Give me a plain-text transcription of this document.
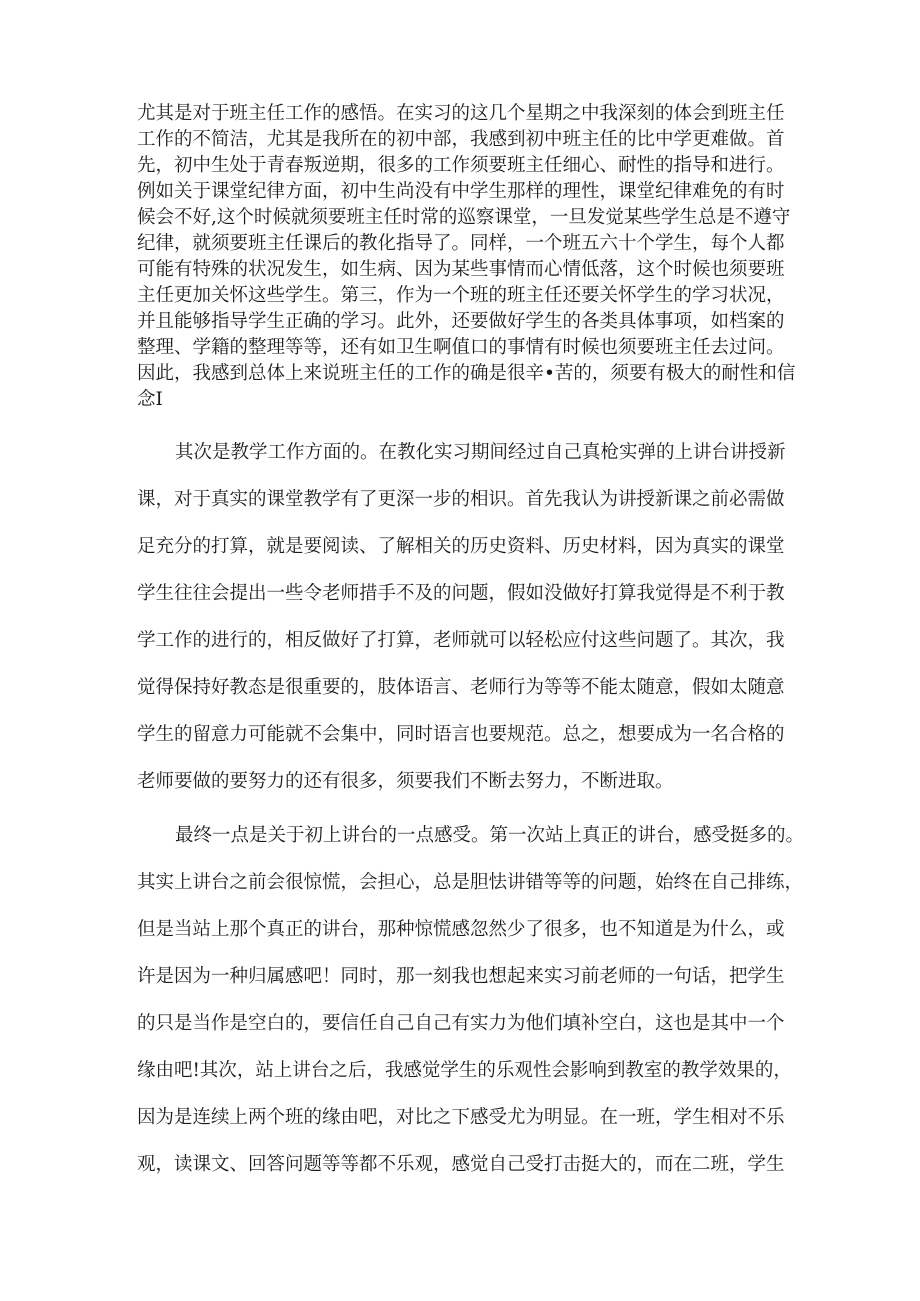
尤其是对于班主任工作的感悟。在实习的这几个星期之中我深刻的体会到班主任
工作的不简洁，尤其是我所在的初中部，我感到初中班主任的比中学更难做。首
先，初中生处于青春叛逆期，很多的工作须要班主任细心、耐性的指导和进行。
例如关于课堂纪律方面，初中生尚没有中学生那样的理性，课堂纪律难免的有时
候会不好,这个时候就须要班主任时常的巡察课堂，一旦发觉某些学生总是不遵守
纪律，就须要班主任课后的教化指导了。同样，一个班五六十个学生，每个人都
可能有特殊的状况发生，如生病、因为某些事情而心情低落，这个时候也须要班
主任更加关怀这些学生。第三，作为一个班的班主任还要关怀学生的学习状况，
并且能够指导学生正确的学习。此外，还要做好学生的各类具体事项，如档案的
整理、学籍的整理等等，还有如卫生啊值口的事情有时候也须要班主任去过问。
因此，我感到总体上来说班主任的工作的确是很辛•苦的，须要有极大的耐性和信
念I
其次是教学工作方面的。在教化实习期间经过自己真枪实弹的上讲台讲授新
课，对于真实的课堂教学有了更深一步的相识。首先我认为讲授新课之前必需做
足充分的打算，就是要阅读、了解相关的历史资料、历史材料，因为真实的课堂
学生往往会提出一些令老师措手不及的问题，假如没做好打算我觉得是不利于教
学工作的进行的，相反做好了打算，老师就可以轻松应付这些问题了。其次，我
觉得保持好教态是很重要的，肢体语言、老师行为等等不能太随意，假如太随意
学生的留意力可能就不会集中，同时语言也要规范。总之，想要成为一名合格的
老师要做的要努力的还有很多，须要我们不断去努力，不断进取。
最终一点是关于初上讲台的一点感受。第一次站上真正的讲台，感受挺多的。
其实上讲台之前会很惊慌，会担心，总是胆怯讲错等等的问题，始终在自己排练，
但是当站上那个真正的讲台，那种惊慌感忽然少了很多，也不知道是为什么，或
许是因为一种归属感吧！同时，那一刻我也想起来实习前老师的一句话，把学生
的只是当作是空白的，要信任自己自己有实力为他们填补空白，这也是其中一个
缘由吧!其次，站上讲台之后，我感觉学生的乐观性会影响到教室的教学效果的，
因为是连续上两个班的缘由吧，对比之下感受尤为明显。在一班，学生相对不乐
观，读课文、回答问题等等都不乐观，感觉自己受打击挺大的，而在二班，学生
